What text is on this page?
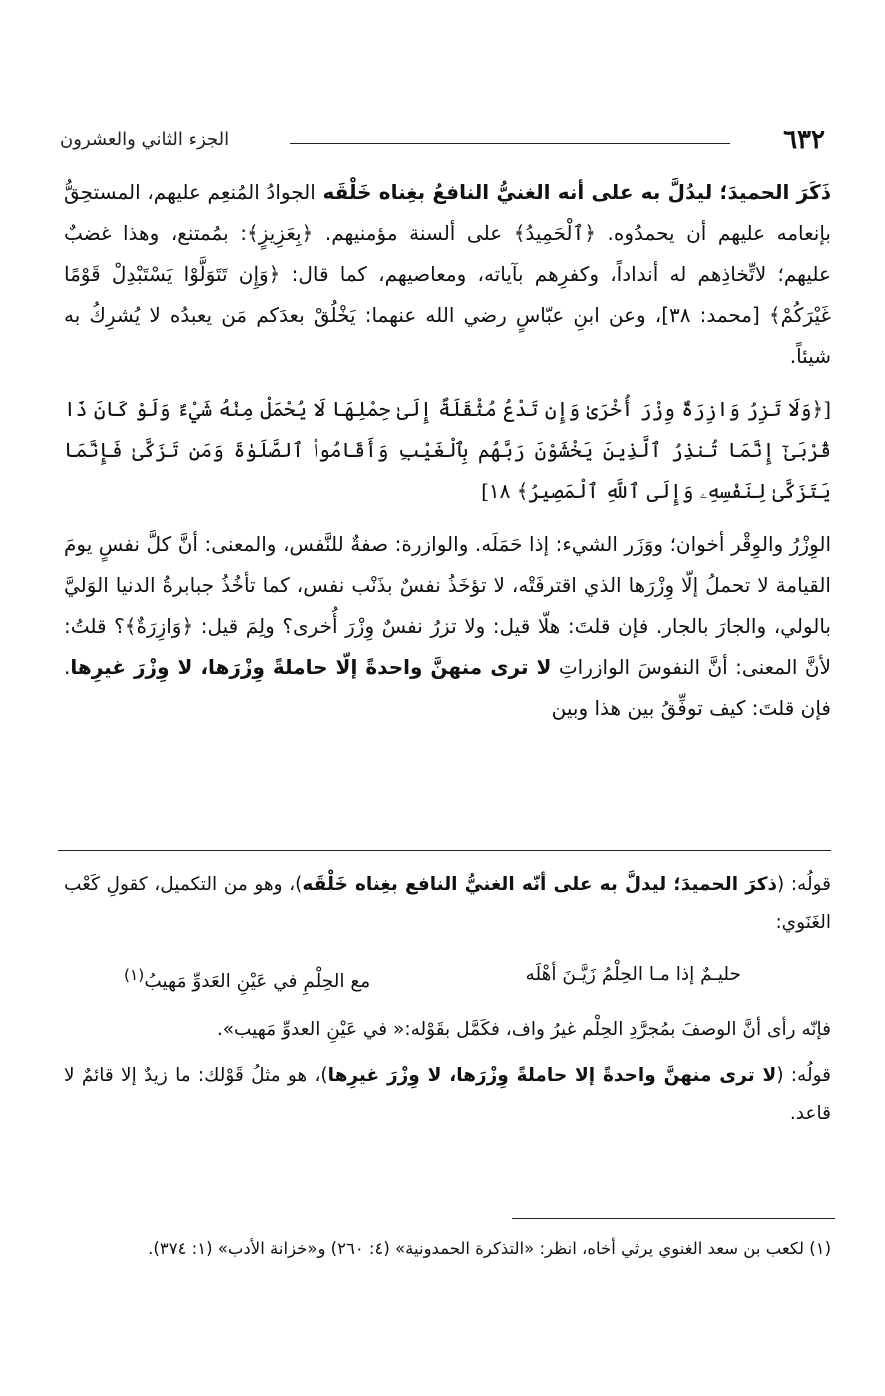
٦٣٢
الجزء الثاني والعشرون

ذَكَرَ الحميدَ؛ ليدُلَّ به على أنه الغنيُّ النافعُ بغِناه خَلْقَه الجوادُ المُنعِم عليهم، المستحِقُّ بإنعامه عليهم أن يحمدُوه. ﴿ٱلْحَمِيدُ﴾ على ألسنة مؤمنيهم. ﴿بِعَزِيزٍ﴾: بمُمتنع، وهذا غضبٌ عليهم؛ لاتِّخاذِهم له أنداداً، وكفرِهم بآياته، ومعاصيهم، كما قال: ﴿وَإِن تَتَوَلَّوْا يَسْتَبْدِلْ قَوْمًا غَيْرَكُمْ﴾ [محمد: ٣٨]، وعن ابنِ عبّاسٍ رضي الله عنهما: يَخْلُقْ بعدَكم مَن يعبدُه لا يُشرِكُ به شيئاً.

[﴿وَلَا تَزِرُ وَازِرَةٌ وِزْرَ أُخْرَىٰ وَإِن تَدْعُ مُثْقَلَةٌ إِلَىٰ حِمْلِهَا لَا يُحْمَلْ مِنْهُ شَيْءٌ وَلَوْ كَانَ ذَا قُرْبَىٰٓ إِنَّمَا تُنذِرُ ٱلَّذِينَ يَخْشَوْنَ رَبَّهُم بِٱلْغَيْبِ وَأَقَامُوا۟ ٱلصَّلَوٰةَ وَمَن تَزَكَّىٰ فَإِنَّمَا يَتَزَكَّىٰ لِنَفْسِهِۦ وَإِلَى ٱللَّهِ ٱلْمَصِيرُ﴾ ١٨]

الوِزْرُ والوِقْر أخوان؛ ووَزَر الشيء: إذا حَمَلَه. والوازرة: صفةٌ للنَّفس، والمعنى: أنَّ كلَّ نفسٍ يومَ القيامة لا تحملُ إلّا وِزْرَها الذي اقترفَتْه، لا تؤخَذُ نفسٌ بذَنْب نفس، كما تأخُذُ جبابرةُ الدنيا الوَليَّ بالولي، والجارَ بالجار. فإن قلتَ: هلّا قيل: ولا تزرُ نفسٌ وِزْرَ أُخرى؟ ولِمَ قيل: ﴿وَازِرَةٌ﴾؟ قلتُ: لأنَّ المعنى: أنَّ النفوسَ الوازراتِ لا ترى منهنَّ واحدةً إلّا حاملةً وِزْرَها، لا وِزْرَ غيرِها. فإن قلتَ: كيف توفِّقُ بين هذا وبين

قولُه: (ذكرَ الحميدَ؛ ليدلَّ به على أنّه الغنيُّ النافع بغِناه خَلْقَه)، وهو من التكميل، كقولِ كَعْب الغَنَوي:

حليـمٌ إذا مـا الحِلْمُ زَيَّـنَ أهْلَه
مع الحِلْمِ في عَيْنِ العَدوِّ مَهيبُ$^{(١)}$

فإنّه رأى أنَّ الوصفَ بمُجرَّدِ الحِلْم غيرُ واف، فكَمَّل بقَوْله:« في عَيْنِ العدوِّ مَهيب».

قولُه: (لا ترى منهنَّ واحدةً إلا حاملةً وِزْرَها، لا وِزْرَ غيرِها)، هو مثلُ قَوْلك: ما زيدٌ إلا قائمٌ لا قاعد.

(١) لكعب بن سعد الغنوي يرثي أخاه، انظر: «التذكرة الحمدونية» (٤: ٢٦٠) و«خزانة الأدب» (١: ٣٧٤).
